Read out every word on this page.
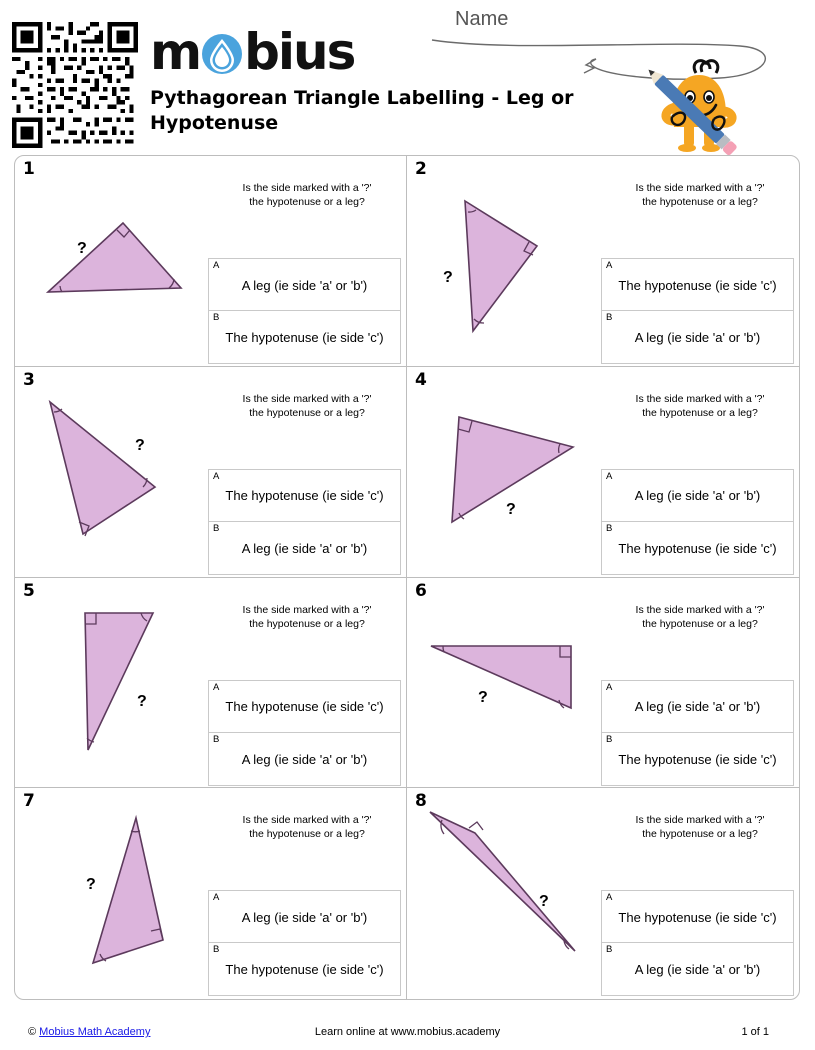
m bius
Pythagorean Triangle Labelling - Leg or Hypotenuse
Name
1
?
Is the side marked with a '?'
the hypotenuse or a leg?
A
A leg (ie side 'a' or 'b')
B
The hypotenuse (ie side 'c')
2
?
Is the side marked with a '?'
the hypotenuse or a leg?
A
The hypotenuse (ie side 'c')
B
A leg (ie side 'a' or 'b')
3
?
Is the side marked with a '?'
the hypotenuse or a leg?
A
The hypotenuse (ie side 'c')
B
A leg (ie side 'a' or 'b')
4
?
Is the side marked with a '?'
the hypotenuse or a leg?
A
A leg (ie side 'a' or 'b')
B
The hypotenuse (ie side 'c')
5
?
Is the side marked with a '?'
the hypotenuse or a leg?
A
The hypotenuse (ie side 'c')
B
A leg (ie side 'a' or 'b')
6
?
Is the side marked with a '?'
the hypotenuse or a leg?
A
A leg (ie side 'a' or 'b')
B
The hypotenuse (ie side 'c')
7
?
Is the side marked with a '?'
the hypotenuse or a leg?
A
A leg (ie side 'a' or 'b')
B
The hypotenuse (ie side 'c')
8
?
Is the side marked with a '?'
the hypotenuse or a leg?
A
The hypotenuse (ie side 'c')
B
A leg (ie side 'a' or 'b')
© Mobius Math Academy	Learn online at www.mobius.academy	1 of 1
